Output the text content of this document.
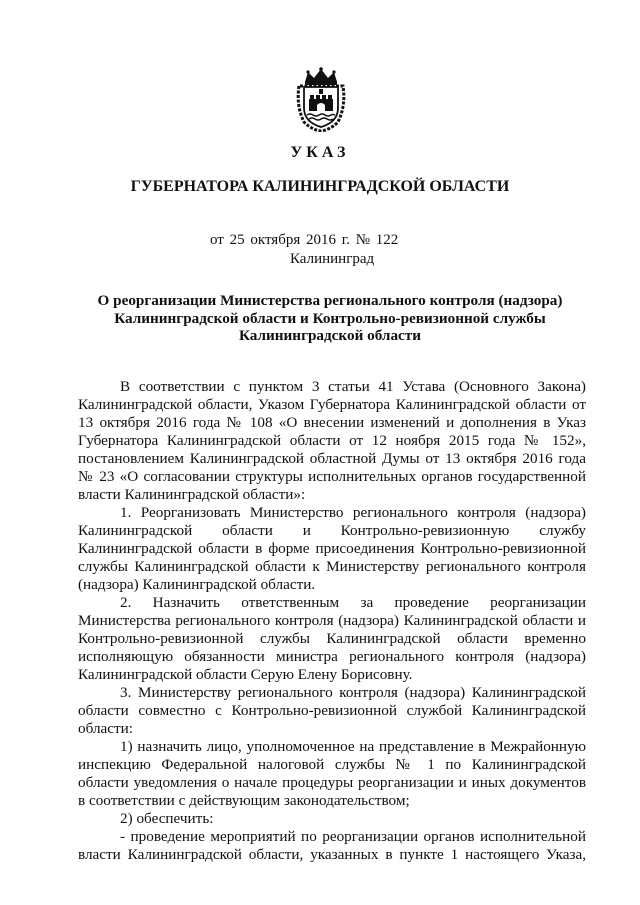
УКАЗ
ГУБЕРНАТОРА КАЛИНИНГРАДСКОЙ ОБЛАСТИ
от 25 октября 2016 г. № 122
Калининград
О реорганизации Министерства регионального контроля (надзора)
Калининградской области и Контрольно-ревизионной службы
Калининградской области

В соответствии с пунктом 3 статьи 41 Устава (Основного Закона) Калининградской области, Указом Губернатора Калининградской области от 13 октября 2016 года № 108 «О внесении изменений и дополнения в Указ Губернатора Калининградской области от 12 ноября 2015 года № 152», постановлением Калининградской областной Думы от 13 октября 2016 года № 23 «О согласовании структуры исполнительных органов государственной власти Калининградской области»:

1. Реорганизовать Министерство регионального контроля (надзора) Калининградской области и Контрольно-ревизионную службу Калининградской области в форме присоединения Контрольно-ревизионной службы Калининградской области к Министерству регионального контроля (надзора) Калининградской области.

2. Назначить ответственным за проведение реорганизации Министерства регионального контроля (надзора) Калининградской области и Контрольно-ревизионной службы Калининградской области временно исполняющую обязанности министра регионального контроля (надзора) Калининградской области Серую Елену Борисовну.

3. Министерству регионального контроля (надзора) Калининградской области совместно с Контрольно-ревизионной службой Калининградской области:

1) назначить лицо, уполномоченное на представление в Межрайонную инспекцию Федеральной налоговой службы № 1 по Калининградской области уведомления о начале процедуры реорганизации и иных документов в соответствии с действующим законодательством;

2) обеспечить:

- проведение мероприятий по реорганизации органов исполнительной власти Калининградской области, указанных в пункте 1 настоящего Указа,
